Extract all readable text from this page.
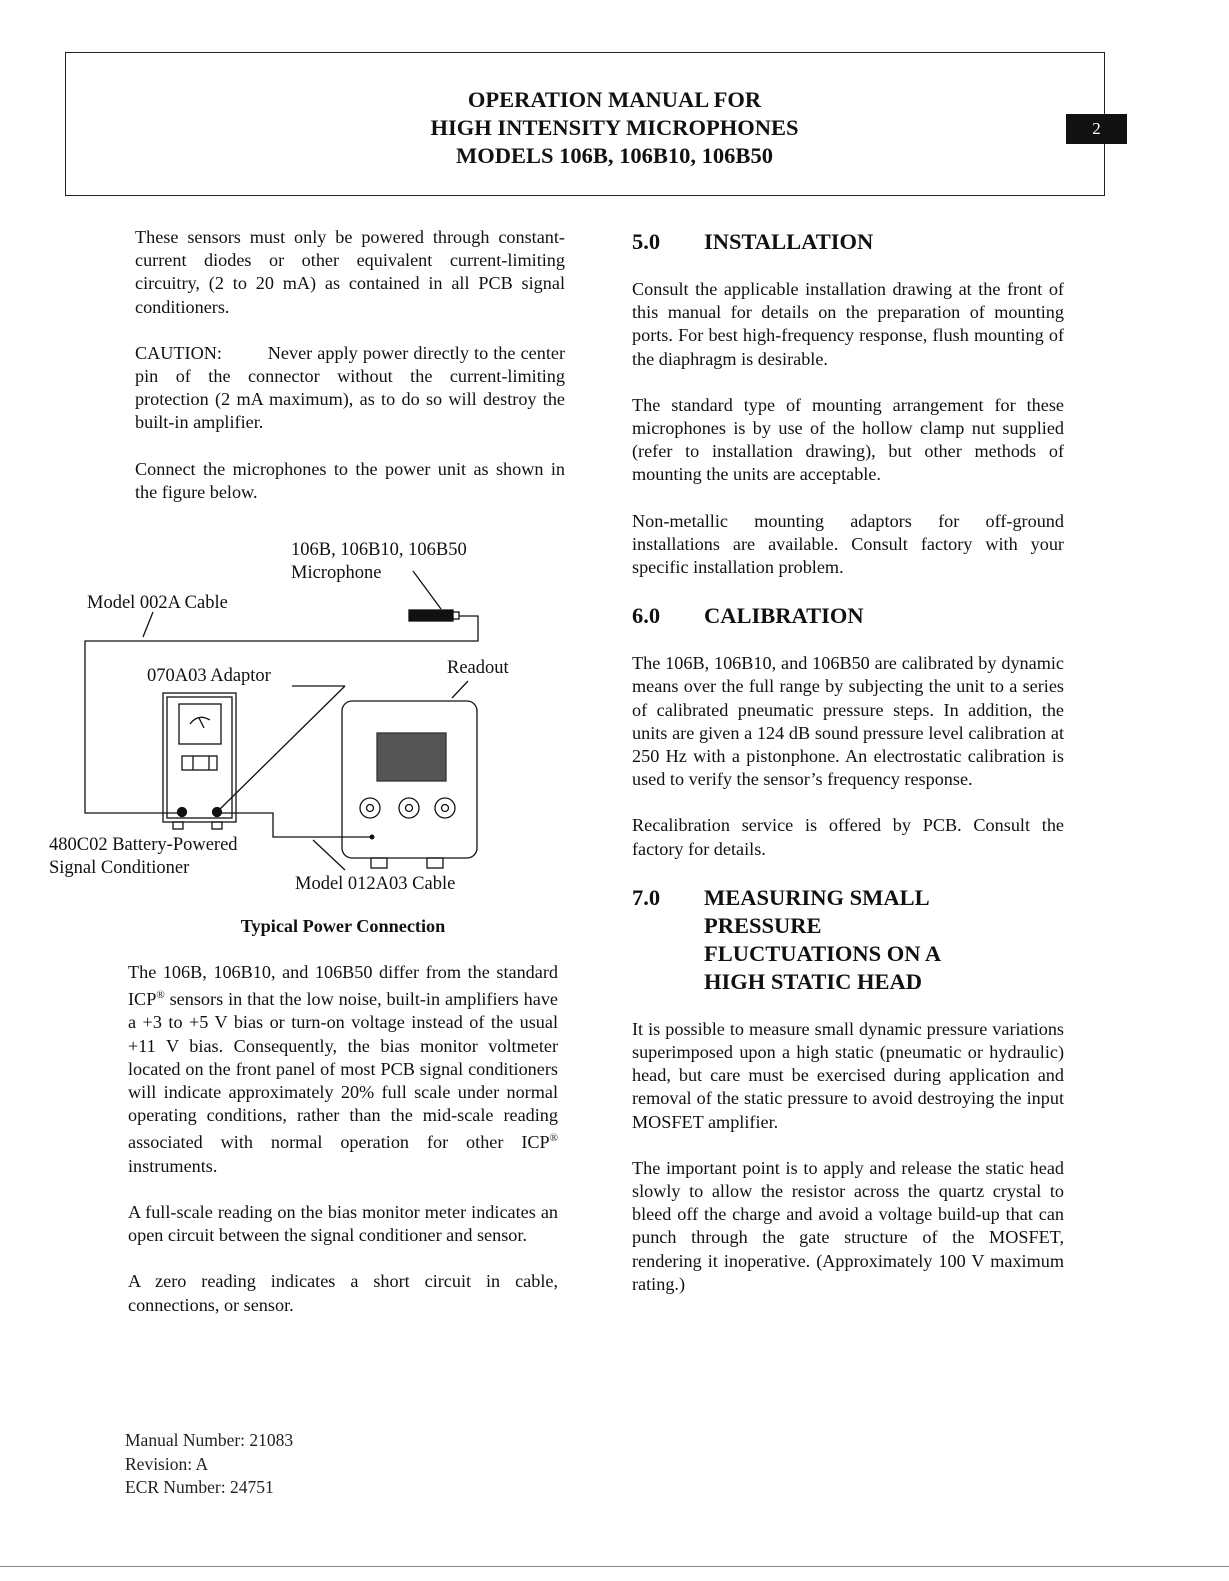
OPERATION MANUAL FOR
HIGH INTENSITY MICROPHONES
MODELS 106B, 106B10, 106B50
2

These sensors must only be powered through constant-current diodes or other equivalent current-limiting circuitry, (2 to 20 mA) as contained in all PCB signal conditioners.

CAUTION:         Never apply power directly to the center pin of the connector without the current-limiting protection (2 mA maximum), as to do so will destroy the built-in amplifier.

Connect the microphones to the power unit as shown in the figure below.

106B, 106B10, 106B50
Microphone
Model 002A Cable
070A03 Adaptor	Readout
480C02 Battery-Powered
Signal Conditioner
Model 012A03 Cable
Typical Power Connection

The 106B, 106B10, and 106B50 differ from the standard ICP® sensors in that the low noise, built-in amplifiers have a +3 to +5 V bias or turn-on voltage instead of the usual +11 V bias. Consequently, the bias monitor voltmeter located on the front panel of most PCB signal conditioners will indicate approximately 20% full scale under normal operating conditions, rather than the mid-scale reading associated with normal operation for other ICP® instruments.

A full-scale reading on the bias monitor meter indicates an open circuit between the signal conditioner and sensor.

A zero reading indicates a short circuit in cable, connections, or sensor.

5.0	INSTALLATION

Consult the applicable installation drawing at the front of this manual for details on the preparation of mounting ports. For best high-frequency response, flush mounting of the diaphragm is desirable.

The standard type of mounting arrangement for these microphones is by use of the hollow clamp nut supplied (refer to installation drawing), but other methods of mounting the units are acceptable.

Non-metallic mounting adaptors for off-ground installations are available. Consult factory with your specific installation problem.

6.0	CALIBRATION

The 106B, 106B10, and 106B50 are calibrated by dynamic means over the full range by subjecting the unit to a series of calibrated pneumatic pressure steps. In addition, the units are given a 124 dB sound pressure level calibration at 250 Hz with a pistonphone. An electrostatic calibration is used to verify the sensor’s frequency response.

Recalibration service is offered by PCB. Consult the factory for details.

7.0	MEASURING SMALL PRESSURE FLUCTUATIONS ON A HIGH STATIC HEAD

It is possible to measure small dynamic pressure variations superimposed upon a high static (pneumatic or hydraulic) head, but care must be exercised during application and removal of the static pressure to avoid destroying the input MOSFET amplifier.

The important point is to apply and release the static head slowly to allow the resistor across the quartz crystal to bleed off the charge and avoid a voltage build-up that can punch through the gate structure of the MOSFET, rendering it inoperative. (Approximately 100 V maximum rating.)

Manual Number: 21083
Revision: A
ECR Number: 24751
